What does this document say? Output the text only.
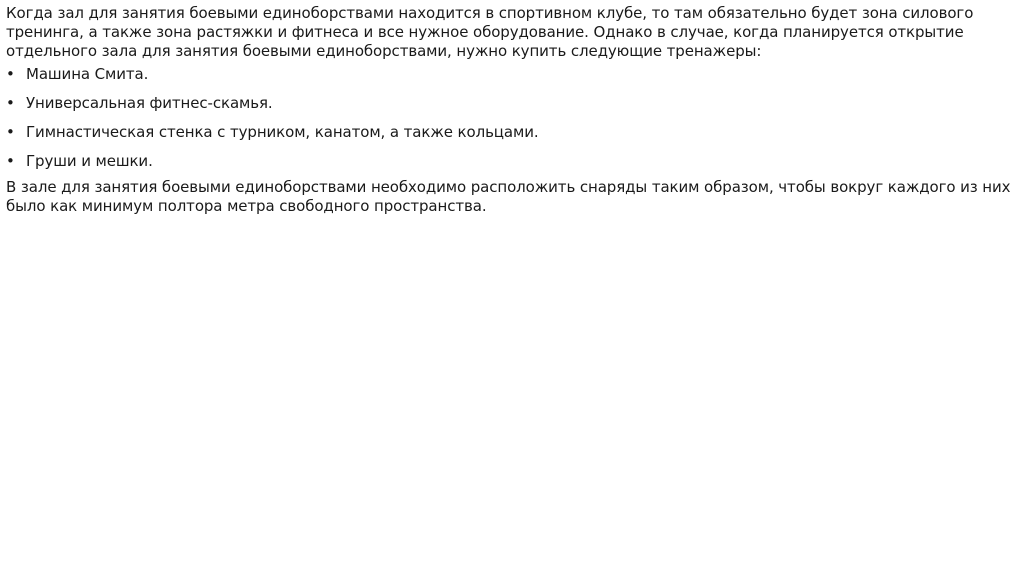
Когда зал для занятия боевыми единоборствами находится в спортивном клубе, то там обязательно будет зона силового тренинга, а также зона растяжки и фитнеса и все нужное оборудование. Однако в случае, когда планируется открытие отдельного зала для занятия боевыми единоборствами, нужно купить следующие тренажеры:

• Машина Смита.
• Универсальная фитнес-скамья.
• Гимнастическая стенка с турником, канатом, а также кольцами.
• Груши и мешки.

В зале для занятия боевыми единоборствами необходимо расположить снаряды таким образом, чтобы вокруг каждого из них было как минимум полтора метра свободного пространства.
